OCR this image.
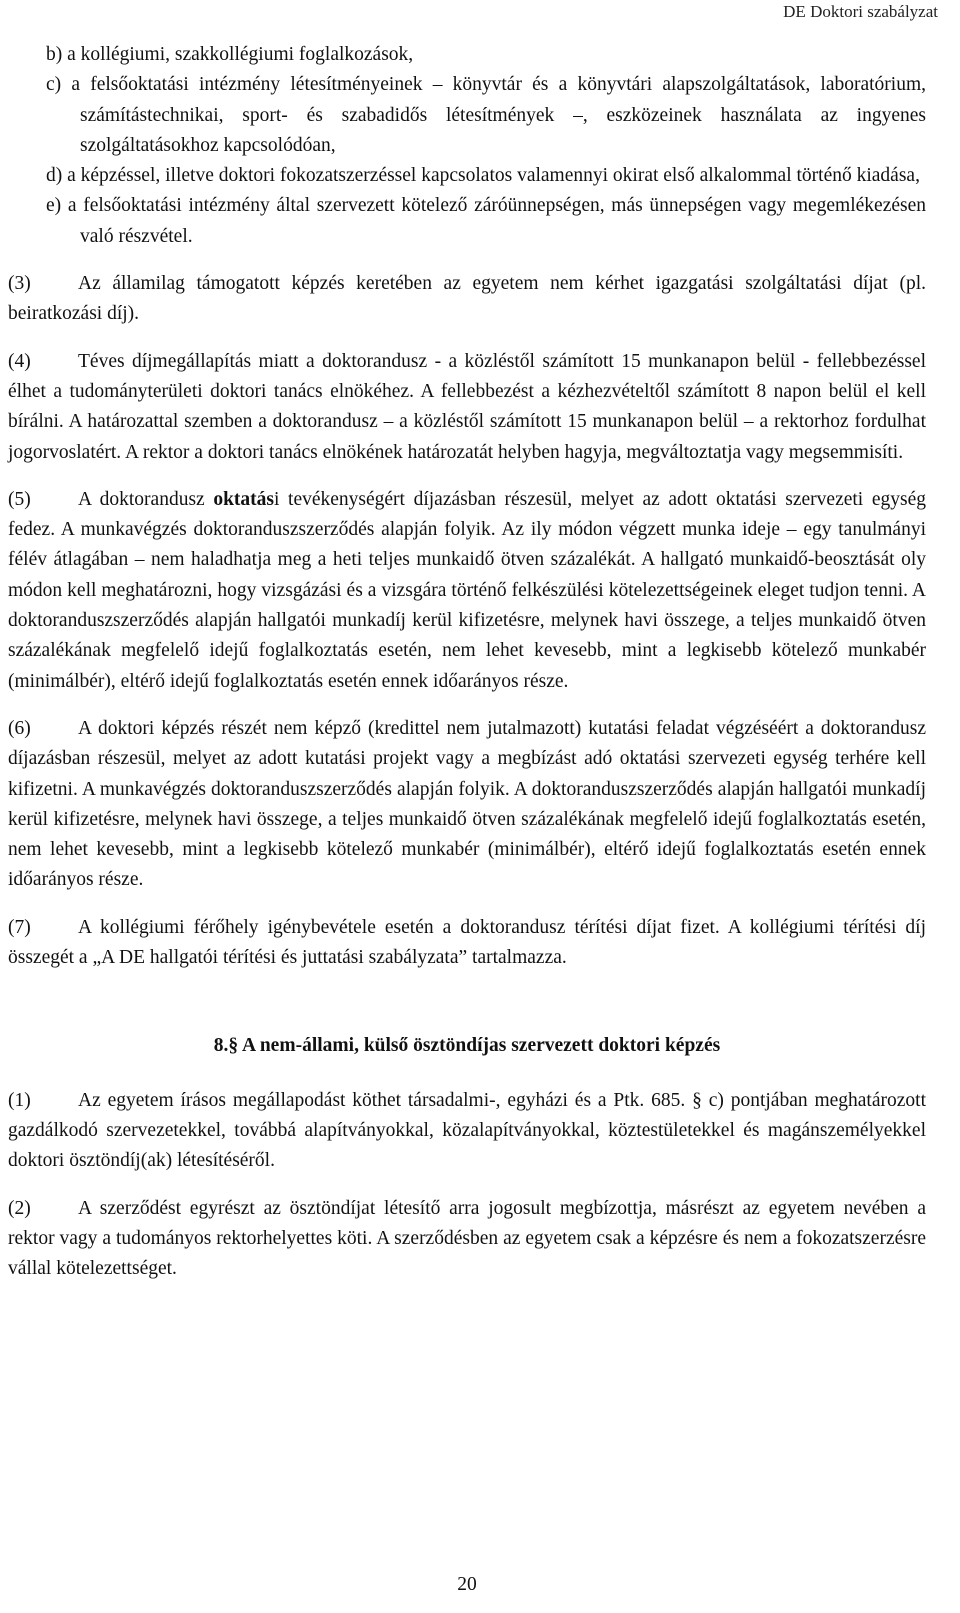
DE Doktori szabályzat

b) a kollégiumi, szakkollégiumi foglalkozások,

c) a felsőoktatási intézmény létesítményeinek – könyvtár és a könyvtári alapszolgáltatások, laboratórium, számítástechnikai, sport- és szabadidős létesítmények –, eszközeinek használata az ingyenes szolgáltatásokhoz kapcsolódóan,

d) a képzéssel, illetve doktori fokozatszerzéssel kapcsolatos valamennyi okirat első alkalommal történő kiadása,

e) a felsőoktatási intézmény által szervezett kötelező záróünnepségen, más ünnepségen vagy megemlékezésen való részvétel.

(3) Az államilag támogatott képzés keretében az egyetem nem kérhet igazgatási szolgáltatási díjat (pl. beiratkozási díj).

(4) Téves díjmegállapítás miatt a doktorandusz - a közléstől számított 15 munkanapon belül - fellebbezéssel élhet a tudományterületi doktori tanács elnökéhez. A fellebbezést a kézhezvételtől számított 8 napon belül el kell bírálni. A határozattal szemben a doktorandusz – a közléstől számított 15 munkanapon belül – a rektorhoz fordulhat jogorvoslatért. A rektor a doktori tanács elnökének határozatát helyben hagyja, megváltoztatja vagy megsemmisíti.

(5) A doktorandusz oktatási tevékenységért díjazásban részesül, melyet az adott oktatási szervezeti egység fedez. A munkavégzés doktoranduszszerződés alapján folyik. Az ily módon végzett munka ideje – egy tanulmányi félév átlagában – nem haladhatja meg a heti teljes munkaidő ötven százalékát. A hallgató munkaidő-beosztását oly módon kell meghatározni, hogy vizsgázási és a vizsgára történő felkészülési kötelezettségeinek eleget tudjon tenni. A doktoranduszszerződés alapján hallgatói munkadíj kerül kifizetésre, melynek havi összege, a teljes munkaidő ötven százalékának megfelelő idejű foglalkoztatás esetén, nem lehet kevesebb, mint a legkisebb kötelező munkabér (minimálbér), eltérő idejű foglalkoztatás esetén ennek időarányos része.

(6) A doktori képzés részét nem képző (kredittel nem jutalmazott) kutatási feladat végzéséért a doktorandusz díjazásban részesül, melyet az adott kutatási projekt vagy a megbízást adó oktatási szervezeti egység terhére kell kifizetni. A munkavégzés doktoranduszszerződés alapján folyik. A doktoranduszszerződés alapján hallgatói munkadíj kerül kifizetésre, melynek havi összege, a teljes munkaidő ötven százalékának megfelelő idejű foglalkoztatás esetén, nem lehet kevesebb, mint a legkisebb kötelező munkabér (minimálbér), eltérő idejű foglalkoztatás esetén ennek időarányos része.

(7) A kollégiumi férőhely igénybevétele esetén a doktorandusz térítési díjat fizet. A kollégiumi térítési díj összegét a „A DE hallgatói térítési és juttatási szabályzata” tartalmazza.

8.§ A nem-állami, külső ösztöndíjas szervezett doktori képzés

(1) Az egyetem írásos megállapodást köthet társadalmi-, egyházi és a Ptk. 685. § c) pontjában meghatározott gazdálkodó szervezetekkel, továbbá alapítványokkal, közalapítványokkal, köztestületekkel és magánszemélyekkel doktori ösztöndíj(ak) létesítéséről.

(2) A szerződést egyrészt az ösztöndíjat létesítő arra jogosult megbízottja, másrészt az egyetem nevében a rektor vagy a tudományos rektorhelyettes köti. A szerződésben az egyetem csak a képzésre és nem a fokozatszerzésre vállal kötelezettséget.

20
